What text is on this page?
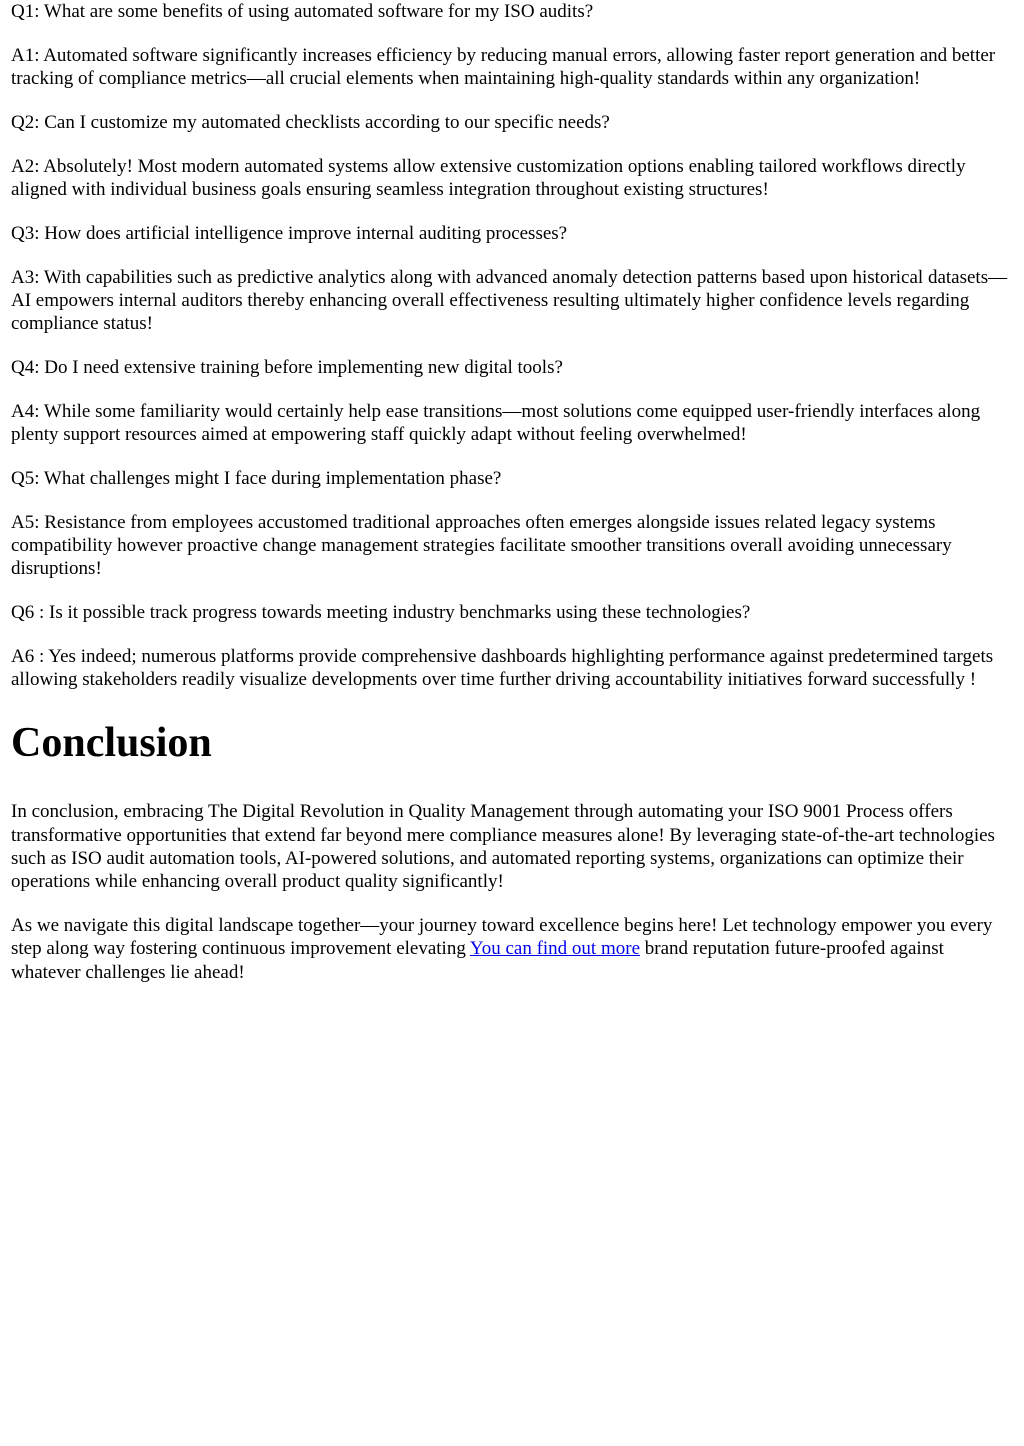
Q1: What are some benefits of using automated software for my ISO audits?

A1: Automated software significantly increases efficiency by reducing manual errors, allowing faster report generation and better tracking of compliance metrics—all crucial elements when maintaining high-quality standards within any organization!

Q2: Can I customize my automated checklists according to our specific needs?

A2: Absolutely! Most modern automated systems allow extensive customization options enabling tailored workflows directly aligned with individual business goals ensuring seamless integration throughout existing structures!

Q3: How does artificial intelligence improve internal auditing processes?

A3: With capabilities such as predictive analytics along with advanced anomaly detection patterns based upon historical datasets—AI empowers internal auditors thereby enhancing overall effectiveness resulting ultimately higher confidence levels regarding compliance status!

Q4: Do I need extensive training before implementing new digital tools?

A4: While some familiarity would certainly help ease transitions—most solutions come equipped user-friendly interfaces along plenty support resources aimed at empowering staff quickly adapt without feeling overwhelmed!

Q5: What challenges might I face during implementation phase?

A5: Resistance from employees accustomed traditional approaches often emerges alongside issues related legacy systems compatibility however proactive change management strategies facilitate smoother transitions overall avoiding unnecessary disruptions!

Q6 : Is it possible track progress towards meeting industry benchmarks using these technologies?

A6 : Yes indeed; numerous platforms provide comprehensive dashboards highlighting performance against predetermined targets allowing stakeholders readily visualize developments over time further driving accountability initiatives forward successfully !

Conclusion

In conclusion, embracing The Digital Revolution in Quality Management through automating your ISO 9001 Process offers transformative opportunities that extend far beyond mere compliance measures alone! By leveraging state-of-the-art technologies such as ISO audit automation tools, AI-powered solutions, and automated reporting systems, organizations can optimize their operations while enhancing overall product quality significantly!

As we navigate this digital landscape together—your journey toward excellence begins here! Let technology empower you every step along way fostering continuous improvement elevating You can find out more brand reputation future-proofed against whatever challenges lie ahead!
